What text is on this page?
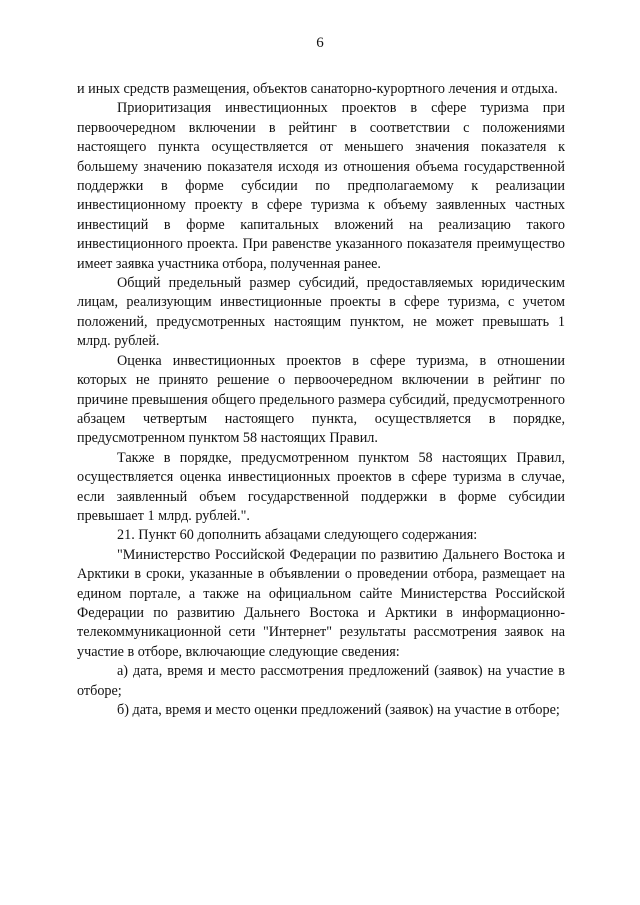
6

и иных средств размещения, объектов санаторно-курортного лечения и отдыха.

Приоритизация инвестиционных проектов в сфере туризма при первоочередном включении в рейтинг в соответствии с положениями настоящего пункта осуществляется от меньшего значения показателя к большему значению показателя исходя из отношения объема государственной поддержки в форме субсидии по предполагаемому к реализации инвестиционному проекту в сфере туризма к объему заявленных частных инвестиций в форме капитальных вложений на реализацию такого инвестиционного проекта. При равенстве указанного показателя преимущество имеет заявка участника отбора, полученная ранее.

Общий предельный размер субсидий, предоставляемых юридическим лицам, реализующим инвестиционные проекты в сфере туризма, с учетом положений, предусмотренных настоящим пунктом, не может превышать 1 млрд. рублей.

Оценка инвестиционных проектов в сфере туризма, в отношении которых не принято решение о первоочередном включении в рейтинг по причине превышения общего предельного размера субсидий, предусмотренного абзацем четвертым настоящего пункта, осуществляется в порядке, предусмотренном пунктом 58 настоящих Правил.

Также в порядке, предусмотренном пунктом 58 настоящих Правил, осуществляется оценка инвестиционных проектов в сфере туризма в случае, если заявленный объем государственной поддержки в форме субсидии превышает 1 млрд. рублей.".

21. Пункт 60 дополнить абзацами следующего содержания:

"Министерство Российской Федерации по развитию Дальнего Востока и Арктики в сроки, указанные в объявлении о проведении отбора, размещает на едином портале, а также на официальном сайте Министерства Российской Федерации по развитию Дальнего Востока и Арктики в информационно-телекоммуникационной сети "Интернет" результаты рассмотрения заявок на участие в отборе, включающие следующие сведения:

а) дата, время и место рассмотрения предложений (заявок) на участие в отборе;

б) дата, время и место оценки предложений (заявок) на участие в отборе;
